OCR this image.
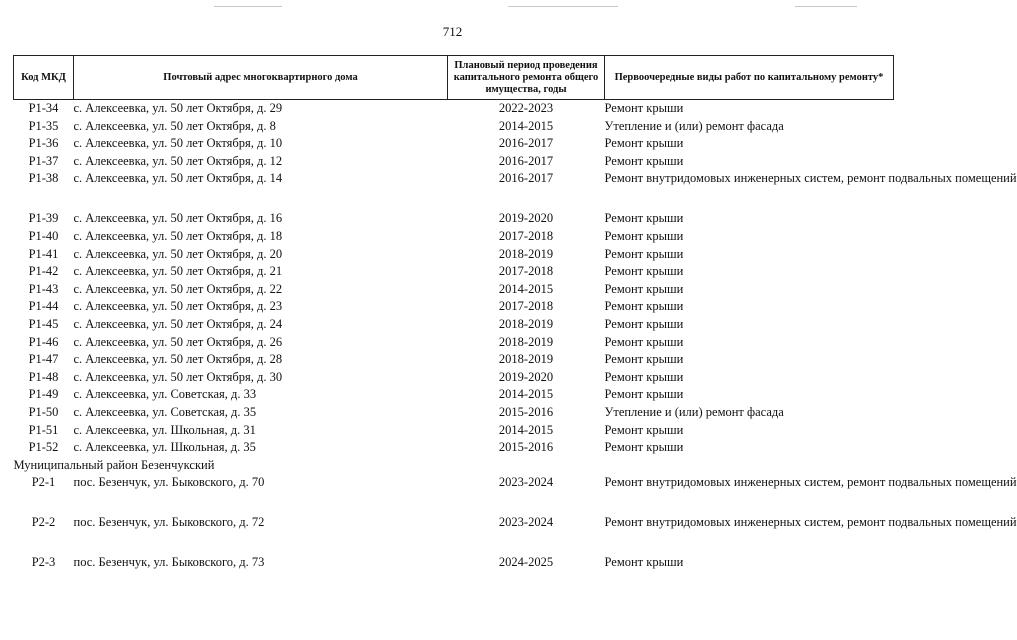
712
Код МКД	Почтовый адрес многоквартирного дома	Плановый период проведения капитального ремонта общего имущества, годы	Первоочередные виды работ по капитальному ремонту*
Р1-34	с. Алексеевка, ул. 50 лет Октября, д. 29	2022-2023	Ремонт крыши
Р1-35	с. Алексеевка, ул. 50 лет Октября, д. 8	2014-2015	Утепление и (или) ремонт фасада
Р1-36	с. Алексеевка, ул. 50 лет Октября, д. 10	2016-2017	Ремонт крыши
Р1-37	с. Алексеевка, ул. 50 лет Октября, д. 12	2016-2017	Ремонт крыши
Р1-38	с. Алексеевка, ул. 50 лет Октября, д. 14	2016-2017	Ремонт внутридомовых инженерных систем, ремонт подвальных помещений
Р1-39	с. Алексеевка, ул. 50 лет Октября, д. 16	2019-2020	Ремонт крыши
Р1-40	с. Алексеевка, ул. 50 лет Октября, д. 18	2017-2018	Ремонт крыши
Р1-41	с. Алексеевка, ул. 50 лет Октября, д. 20	2018-2019	Ремонт крыши
Р1-42	с. Алексеевка, ул. 50 лет Октября, д. 21	2017-2018	Ремонт крыши
Р1-43	с. Алексеевка, ул. 50 лет Октября, д. 22	2014-2015	Ремонт крыши
Р1-44	с. Алексеевка, ул. 50 лет Октября, д. 23	2017-2018	Ремонт крыши
Р1-45	с. Алексеевка, ул. 50 лет Октября, д. 24	2018-2019	Ремонт крыши
Р1-46	с. Алексеевка, ул. 50 лет Октября, д. 26	2018-2019	Ремонт крыши
Р1-47	с. Алексеевка, ул. 50 лет Октября, д. 28	2018-2019	Ремонт крыши
Р1-48	с. Алексеевка, ул. 50 лет Октября, д. 30	2019-2020	Ремонт крыши
Р1-49	с. Алексеевка, ул. Советская, д. 33	2014-2015	Ремонт крыши
Р1-50	с. Алексеевка, ул. Советская, д. 35	2015-2016	Утепление и (или) ремонт фасада
Р1-51	с. Алексеевка, ул. Школьная, д. 31	2014-2015	Ремонт крыши
Р1-52	с. Алексеевка, ул. Школьная, д. 35	2015-2016	Ремонт крыши
Муниципальный район Безенчукский			
Р2-1	пос. Безенчук, ул. Быковского, д. 70	2023-2024	Ремонт внутридомовых инженерных систем, ремонт подвальных помещений
Р2-2	пос. Безенчук, ул. Быковского, д. 72	2023-2024	Ремонт внутридомовых инженерных систем, ремонт подвальных помещений
Р2-3	пос. Безенчук, ул. Быковского, д. 73	2024-2025	Ремонт крыши
